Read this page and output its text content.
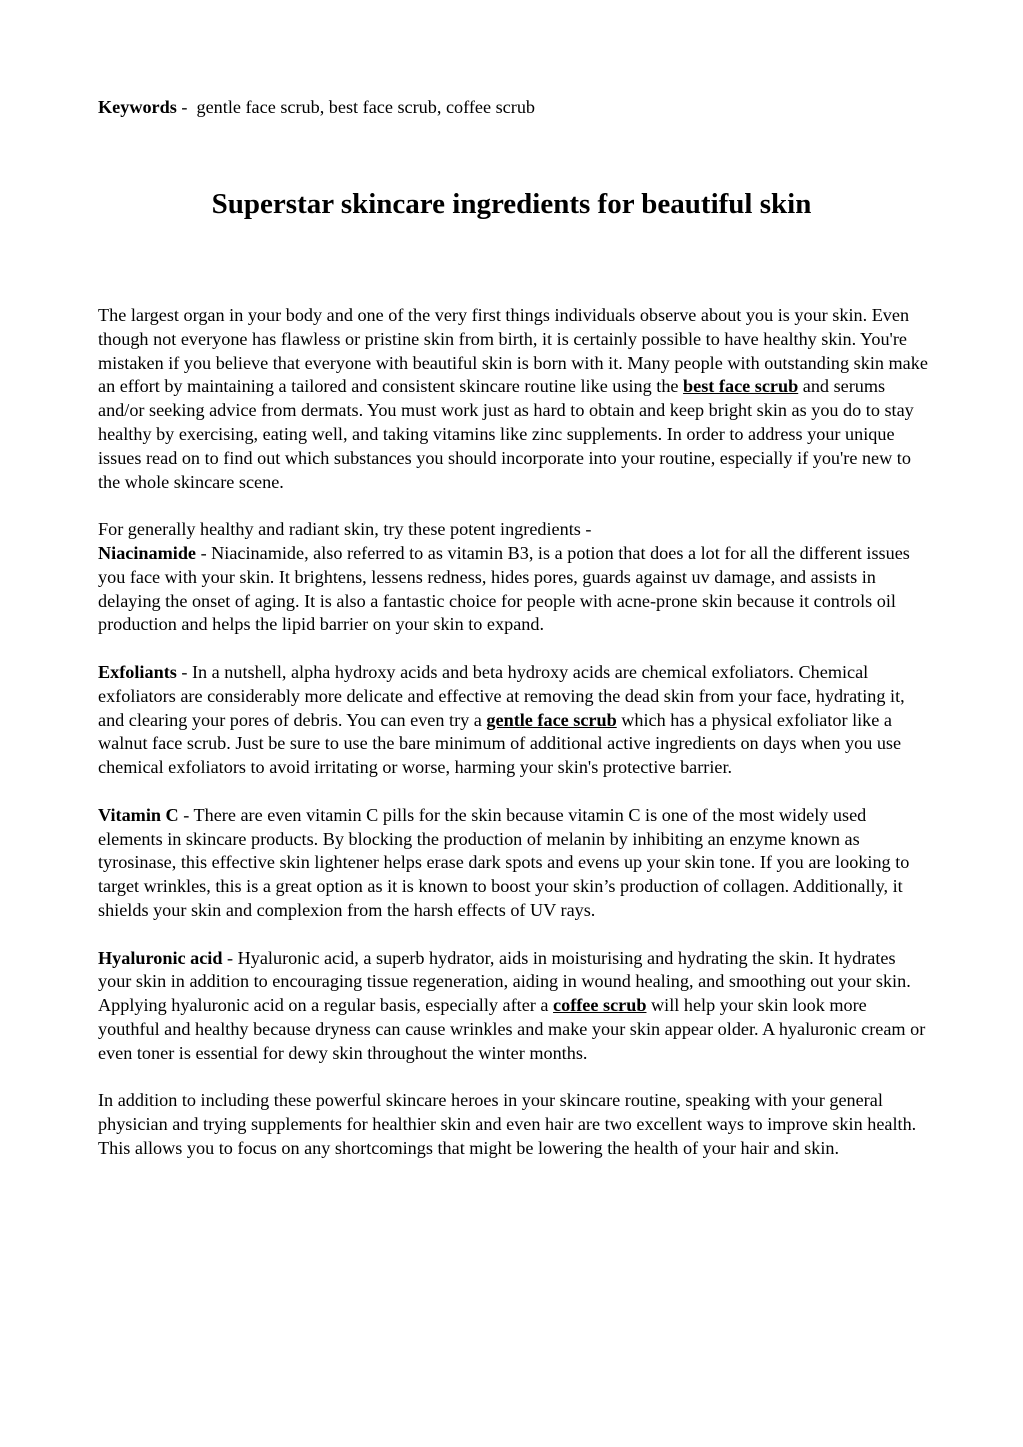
Keywords -  gentle face scrub, best face scrub, coffee scrub

Superstar skincare ingredients for beautiful skin

The largest organ in your body and one of the very first things individuals observe about you is your skin. Even though not everyone has flawless or pristine skin from birth, it is certainly possible to have healthy skin. You're mistaken if you believe that everyone with beautiful skin is born with it. Many people with outstanding skin make an effort by maintaining a tailored and consistent skincare routine like using the best face scrub and serums and/or seeking advice from dermats. You must work just as hard to obtain and keep bright skin as you do to stay healthy by exercising, eating well, and taking vitamins like zinc supplements. In order to address your unique issues read on to find out which substances you should incorporate into your routine, especially if you're new to the whole skincare scene.

For generally healthy and radiant skin, try these potent ingredients -

Niacinamide - Niacinamide, also referred to as vitamin B3, is a potion that does a lot for all the different issues you face with your skin. It brightens, lessens redness, hides pores, guards against uv damage, and assists in delaying the onset of aging. It is also a fantastic choice for people with acne-prone skin because it controls oil production and helps the lipid barrier on your skin to expand.

Exfoliants - In a nutshell, alpha hydroxy acids and beta hydroxy acids are chemical exfoliators. Chemical exfoliators are considerably more delicate and effective at removing the dead skin from your face, hydrating it, and clearing your pores of debris. You can even try a gentle face scrub which has a physical exfoliator like a walnut face scrub. Just be sure to use the bare minimum of additional active ingredients on days when you use chemical exfoliators to avoid irritating or worse, harming your skin's protective barrier.

Vitamin C - There are even vitamin C pills for the skin because vitamin C is one of the most widely used elements in skincare products. By blocking the production of melanin by inhibiting an enzyme known as tyrosinase, this effective skin lightener helps erase dark spots and evens up your skin tone. If you are looking to target wrinkles, this is a great option as it is known to boost your skin’s production of collagen. Additionally, it shields your skin and complexion from the harsh effects of UV rays.

Hyaluronic acid - Hyaluronic acid, a superb hydrator, aids in moisturising and hydrating the skin. It hydrates your skin in addition to encouraging tissue regeneration, aiding in wound healing, and smoothing out your skin. Applying hyaluronic acid on a regular basis, especially after a coffee scrub will help your skin look more youthful and healthy because dryness can cause wrinkles and make your skin appear older. A hyaluronic cream or even toner is essential for dewy skin throughout the winter months.

In addition to including these powerful skincare heroes in your skincare routine, speaking with your general physician and trying supplements for healthier skin and even hair are two excellent ways to improve skin health. This allows you to focus on any shortcomings that might be lowering the health of your hair and skin.
